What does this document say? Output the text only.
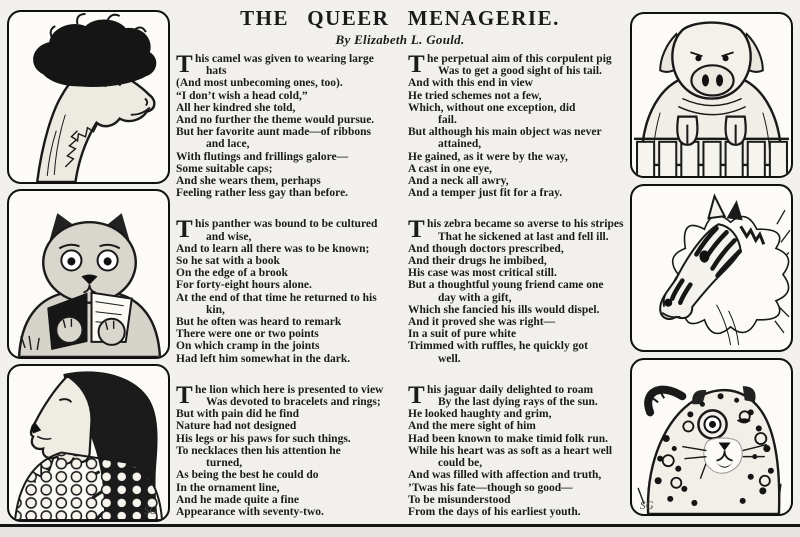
SG	SG
THE QUEER MENAGERIE.
By Elizabeth L. Gould.
T his camel was given to wearing large
hats
(And most unbecoming ones, too).
“I don’t wish a head cold,”
All her kindred she told,
And no further the theme would pursue.
But her favorite aunt made—of ribbons
and lace,
With flutings and frillings galore—
Some suitable caps;
And she wears them, perhaps
Feeling rather less gay than before.
T his panther was bound to be cultured
and wise,
And to learn all there was to be known;
So he sat with a book
On the edge of a brook
For forty-eight hours alone.
At the end of that time he returned to his
kin,
But he often was heard to remark
There were one or two points
On which cramp in the joints
Had left him somewhat in the dark.
T he lion which here is presented to view
Was devoted to bracelets and rings;
But with pain did he find
Nature had not designed
His legs or his paws for such things.
To necklaces then his attention he
turned,
As being the best he could do
In the ornament line,
And he made quite a fine
Appearance with seventy-two.
T he perpetual aim of this corpulent pig
Was to get a good sight of his tail.
And with this end in view
He tried schemes not a few,
Which, without one exception, did
fail.
But although his main object was never
attained,
He gained, as it were by the way,
A cast in one eye,
And a neck all awry,
And a temper just fit for a fray.
T his zebra became so averse to his stripes
That he sickened at last and fell ill.
And though doctors prescribed,
And their drugs he imbibed,
His case was most critical still.
But a thoughtful young friend came one
day with a gift,
Which she fancied his ills would dispel.
And it proved she was right—
In a suit of pure white
Trimmed with ruffles, he quickly got
well.
T his jaguar daily delighted to roam
By the last dying rays of the sun.
He looked haughty and grim,
And the mere sight of him
Had been known to make timid folk run.
While his heart was as soft as a heart well
could be,
And was filled with affection and truth,
’Twas his fate—though so good—
To be misunderstood
From the days of his earliest youth.
